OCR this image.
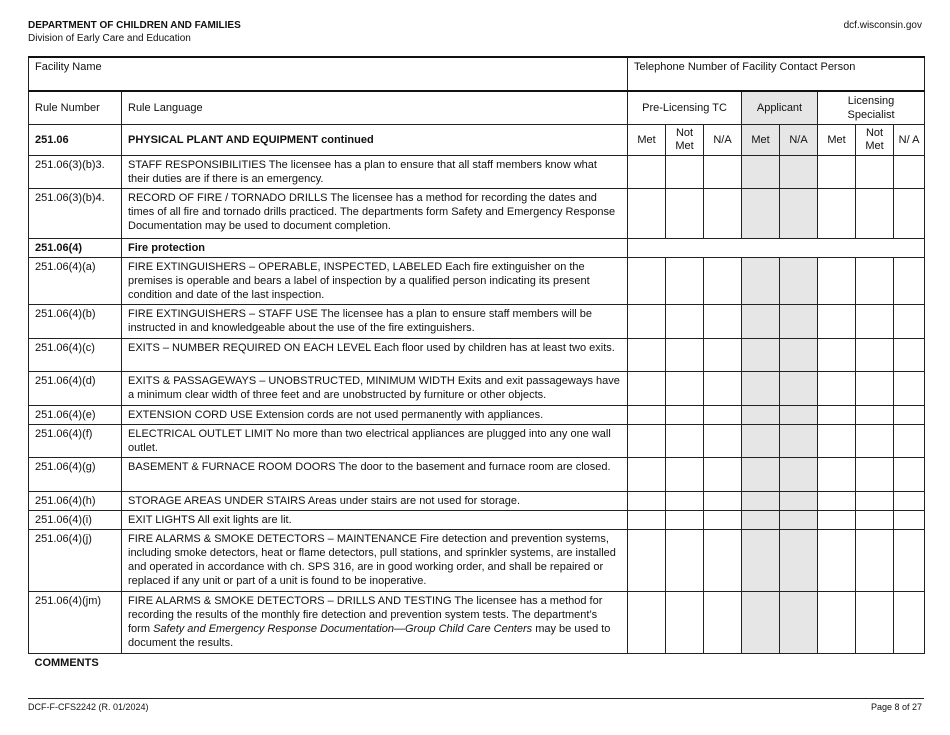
DEPARTMENT OF CHILDREN AND FAMILIES
Division of Early Care and Education
dcf.wisconsin.gov
Facility Name		Telephone Number of Facility Contact Person							
Rule Number	Rule Language	Pre-Licensing TC			Applicant		Licensing Specialist		
251.06	PHYSICAL PLANT AND EQUIPMENT continued	Met	Not Met	N/A	Met	N/A	Met	Not Met	N/ A
251.06(3)(b)3.	STAFF RESPONSIBILITIES The licensee has a plan to ensure that all staff members know what their duties are if there is an emergency.								
251.06(3)(b)4.	RECORD OF FIRE / TORNADO DRILLS The licensee has a method for recording the dates and times of all fire and tornado drills practiced. The departments form Safety and Emergency Response Documentation may be used to document completion.								
251.06(4)	Fire protection								
251.06(4)(a)	FIRE EXTINGUISHERS – OPERABLE, INSPECTED, LABELED Each fire extinguisher on the premises is operable and bears a label of inspection by a qualified person indicating its present condition and date of the last inspection.								
251.06(4)(b)	FIRE EXTINGUISHERS – STAFF USE The licensee has a plan to ensure staff members will be instructed in and knowledgeable about the use of the fire extinguishers.								
251.06(4)(c)	EXITS – NUMBER REQUIRED ON EACH LEVEL Each floor used by children has at least two exits.								
251.06(4)(d)	EXITS & PASSAGEWAYS – UNOBSTRUCTED, MINIMUM WIDTH Exits and exit passageways have a minimum clear width of three feet and are unobstructed by furniture or other objects.								
251.06(4)(e)	EXTENSION CORD USE Extension cords are not used permanently with appliances.								
251.06(4)(f)	ELECTRICAL OUTLET LIMIT No more than two electrical appliances are plugged into any one wall outlet.								
251.06(4)(g)	BASEMENT & FURNACE ROOM DOORS The door to the basement and furnace room are closed.								
251.06(4)(h)	STORAGE AREAS UNDER STAIRS Areas under stairs are not used for storage.								
251.06(4)(i)	EXIT LIGHTS All exit lights are lit.								
251.06(4)(j)	FIRE ALARMS & SMOKE DETECTORS – MAINTENANCE Fire detection and prevention systems, including smoke detectors, heat or flame detectors, pull stations, and sprinkler systems, are installed and operated in accordance with ch. SPS 316, are in good working order, and shall be repaired or replaced if any unit or part of a unit is found to be inoperative.								
251.06(4)(jm)	FIRE ALARMS & SMOKE DETECTORS – DRILLS AND TESTING The licensee has a method for recording the results of the monthly fire detection and prevention system tests. The department’s form Safety and Emergency Response Documentation—Group Child Care Centers may be used to document the results.								
COMMENTS									
DCF-F-CFS2242 (R. 01/2024)	Page 8 of 27
